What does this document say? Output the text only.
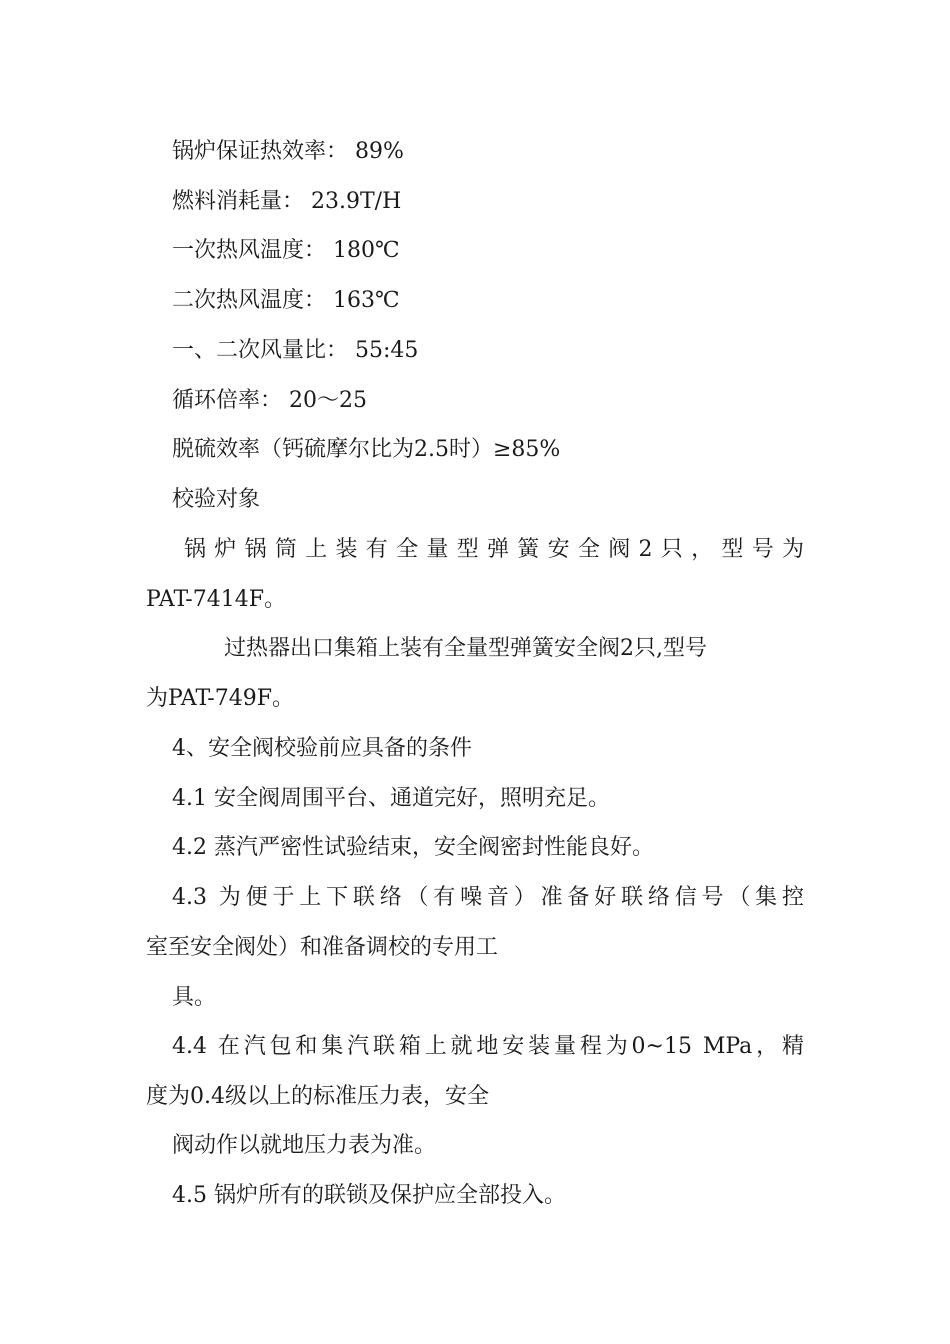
锅炉保证热效率： 89%
燃料消耗量： 23.9T/H
一次热风温度： 180℃
二次热风温度： 163℃
一、二次风量比： 55:45
循环倍率： 20～25
脱硫效率（钙硫摩尔比为2.5时）≥85%
校验对象
锅炉锅筒上装有全量型弹簧安全阀2只，型号为
PAT-7414F。
过热器出口集箱上装有全量型弹簧安全阀2只,型号
为PAT-749F。
4、安全阀校验前应具备的条件
4.1 安全阀周围平台、通道完好，照明充足。
4.2 蒸汽严密性试验结束，安全阀密封性能良好。
4.3 为便于上下联络（有噪音）准备好联络信号（集控
室至安全阀处）和准备调校的专用工
具。
4.4 在汽包和集汽联箱上就地安装量程为0~15 MPa，精
度为0.4级以上的标准压力表，安全
阀动作以就地压力表为准。
4.5 锅炉所有的联锁及保护应全部投入。
